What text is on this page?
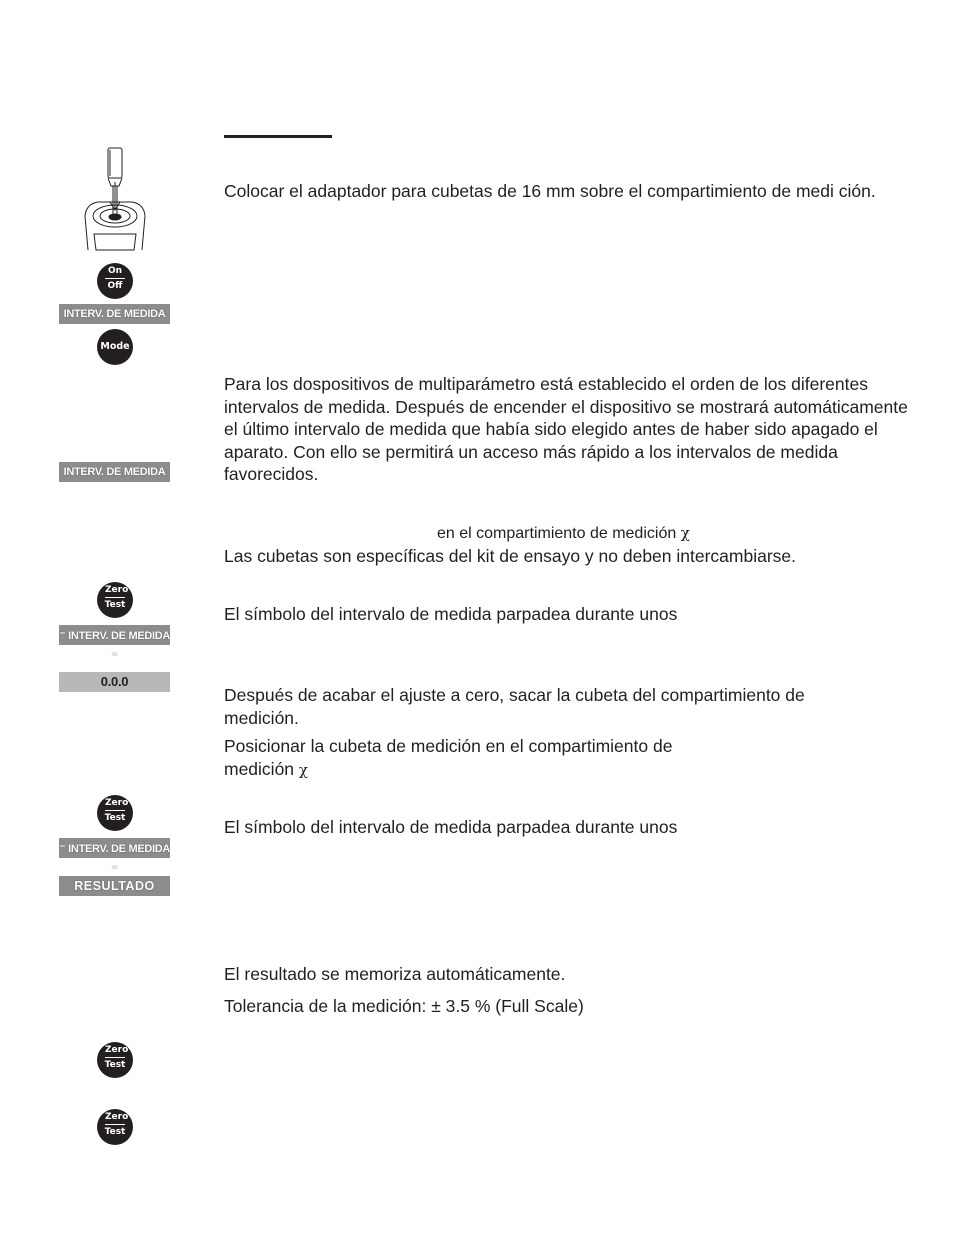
Colocar el adaptador para cubetas de 16 mm sobre el compartimiento de medi ción.

On
Off
INTERV. DE MEDIDA
Mode

Para los dospositivos de multiparámetro está establecido el orden de los diferentes intervalos de medida. Después de encender el dispositivo se mostrará automáticamente el último intervalo de medida que había sido elegido antes de haber sido apagado el aparato. Con ello se permitirá un acceso más rápido a los intervalos de medida favorecidos.

INTERV. DE MEDIDA

en el compartimiento de medición χ

Las cubetas son específicas del kit de ensayo y no deben intercambiarse.

Zero
Test	El símbolo del intervalo de medida parpadea durante unos

⁼ INTERV. DE MEDIDA ⁼
0.0.0

Después de acabar el ajuste a cero, sacar la cubeta del compartimiento de medición.

Posicionar la cubeta de medición en el compartimiento de medición χ

Zero
Test	El símbolo del intervalo de medida parpadea durante unos

⁼ INTERV. DE MEDIDA ⁼
RESULTADO

El resultado se memoriza automáticamente.

Tolerancia de la medición: ± 3.5 % (Full Scale)

Zero
Test
Zero
Test
